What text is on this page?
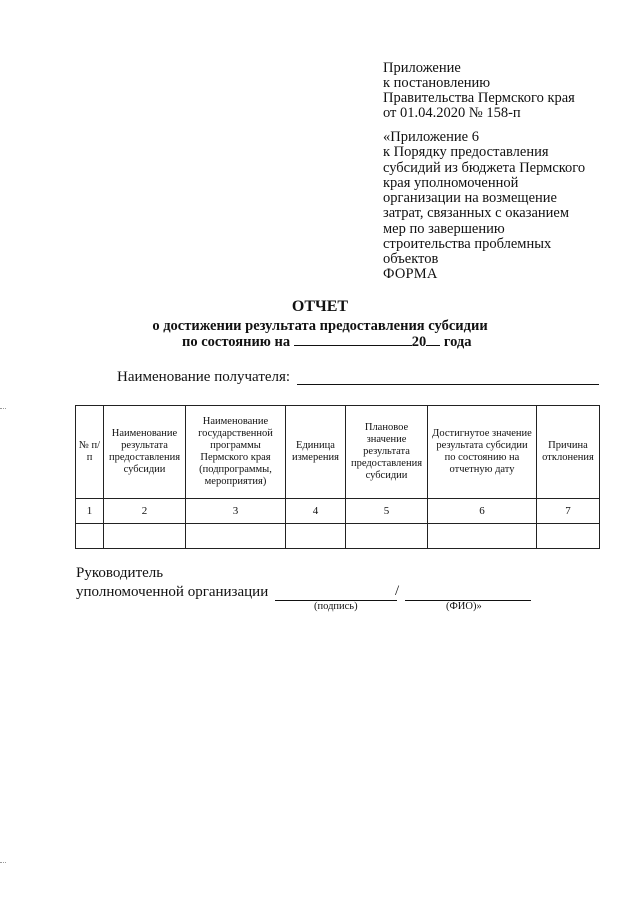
Приложение
к постановлению
Правительства Пермского края
от 01.04.2020 № 158-п
«Приложение 6
к Порядку предоставления
субсидий из бюджета Пермского
края уполномоченной
организации на возмещение
затрат, связанных с оказанием
мер по завершению
строительства проблемных
объектов
ФОРМА
ОТЧЕТ
о достижении результата предоставления субсидии
по состоянию на	20 года
Наименование получателя:
№ п/п	Наименование результата предоставления субсидии	Наименование государственной программы Пермского края (подпрограммы, мероприятия)	Единица измерения	Плановое значение результата предоставления субсидии	Достигнутое значение результата субсидии по состоянию на отчетную дату	Причина отклонения
1	2	3	4	5	6	7

Руководитель
уполномоченной организации	/
(подпись)	(ФИО)»
